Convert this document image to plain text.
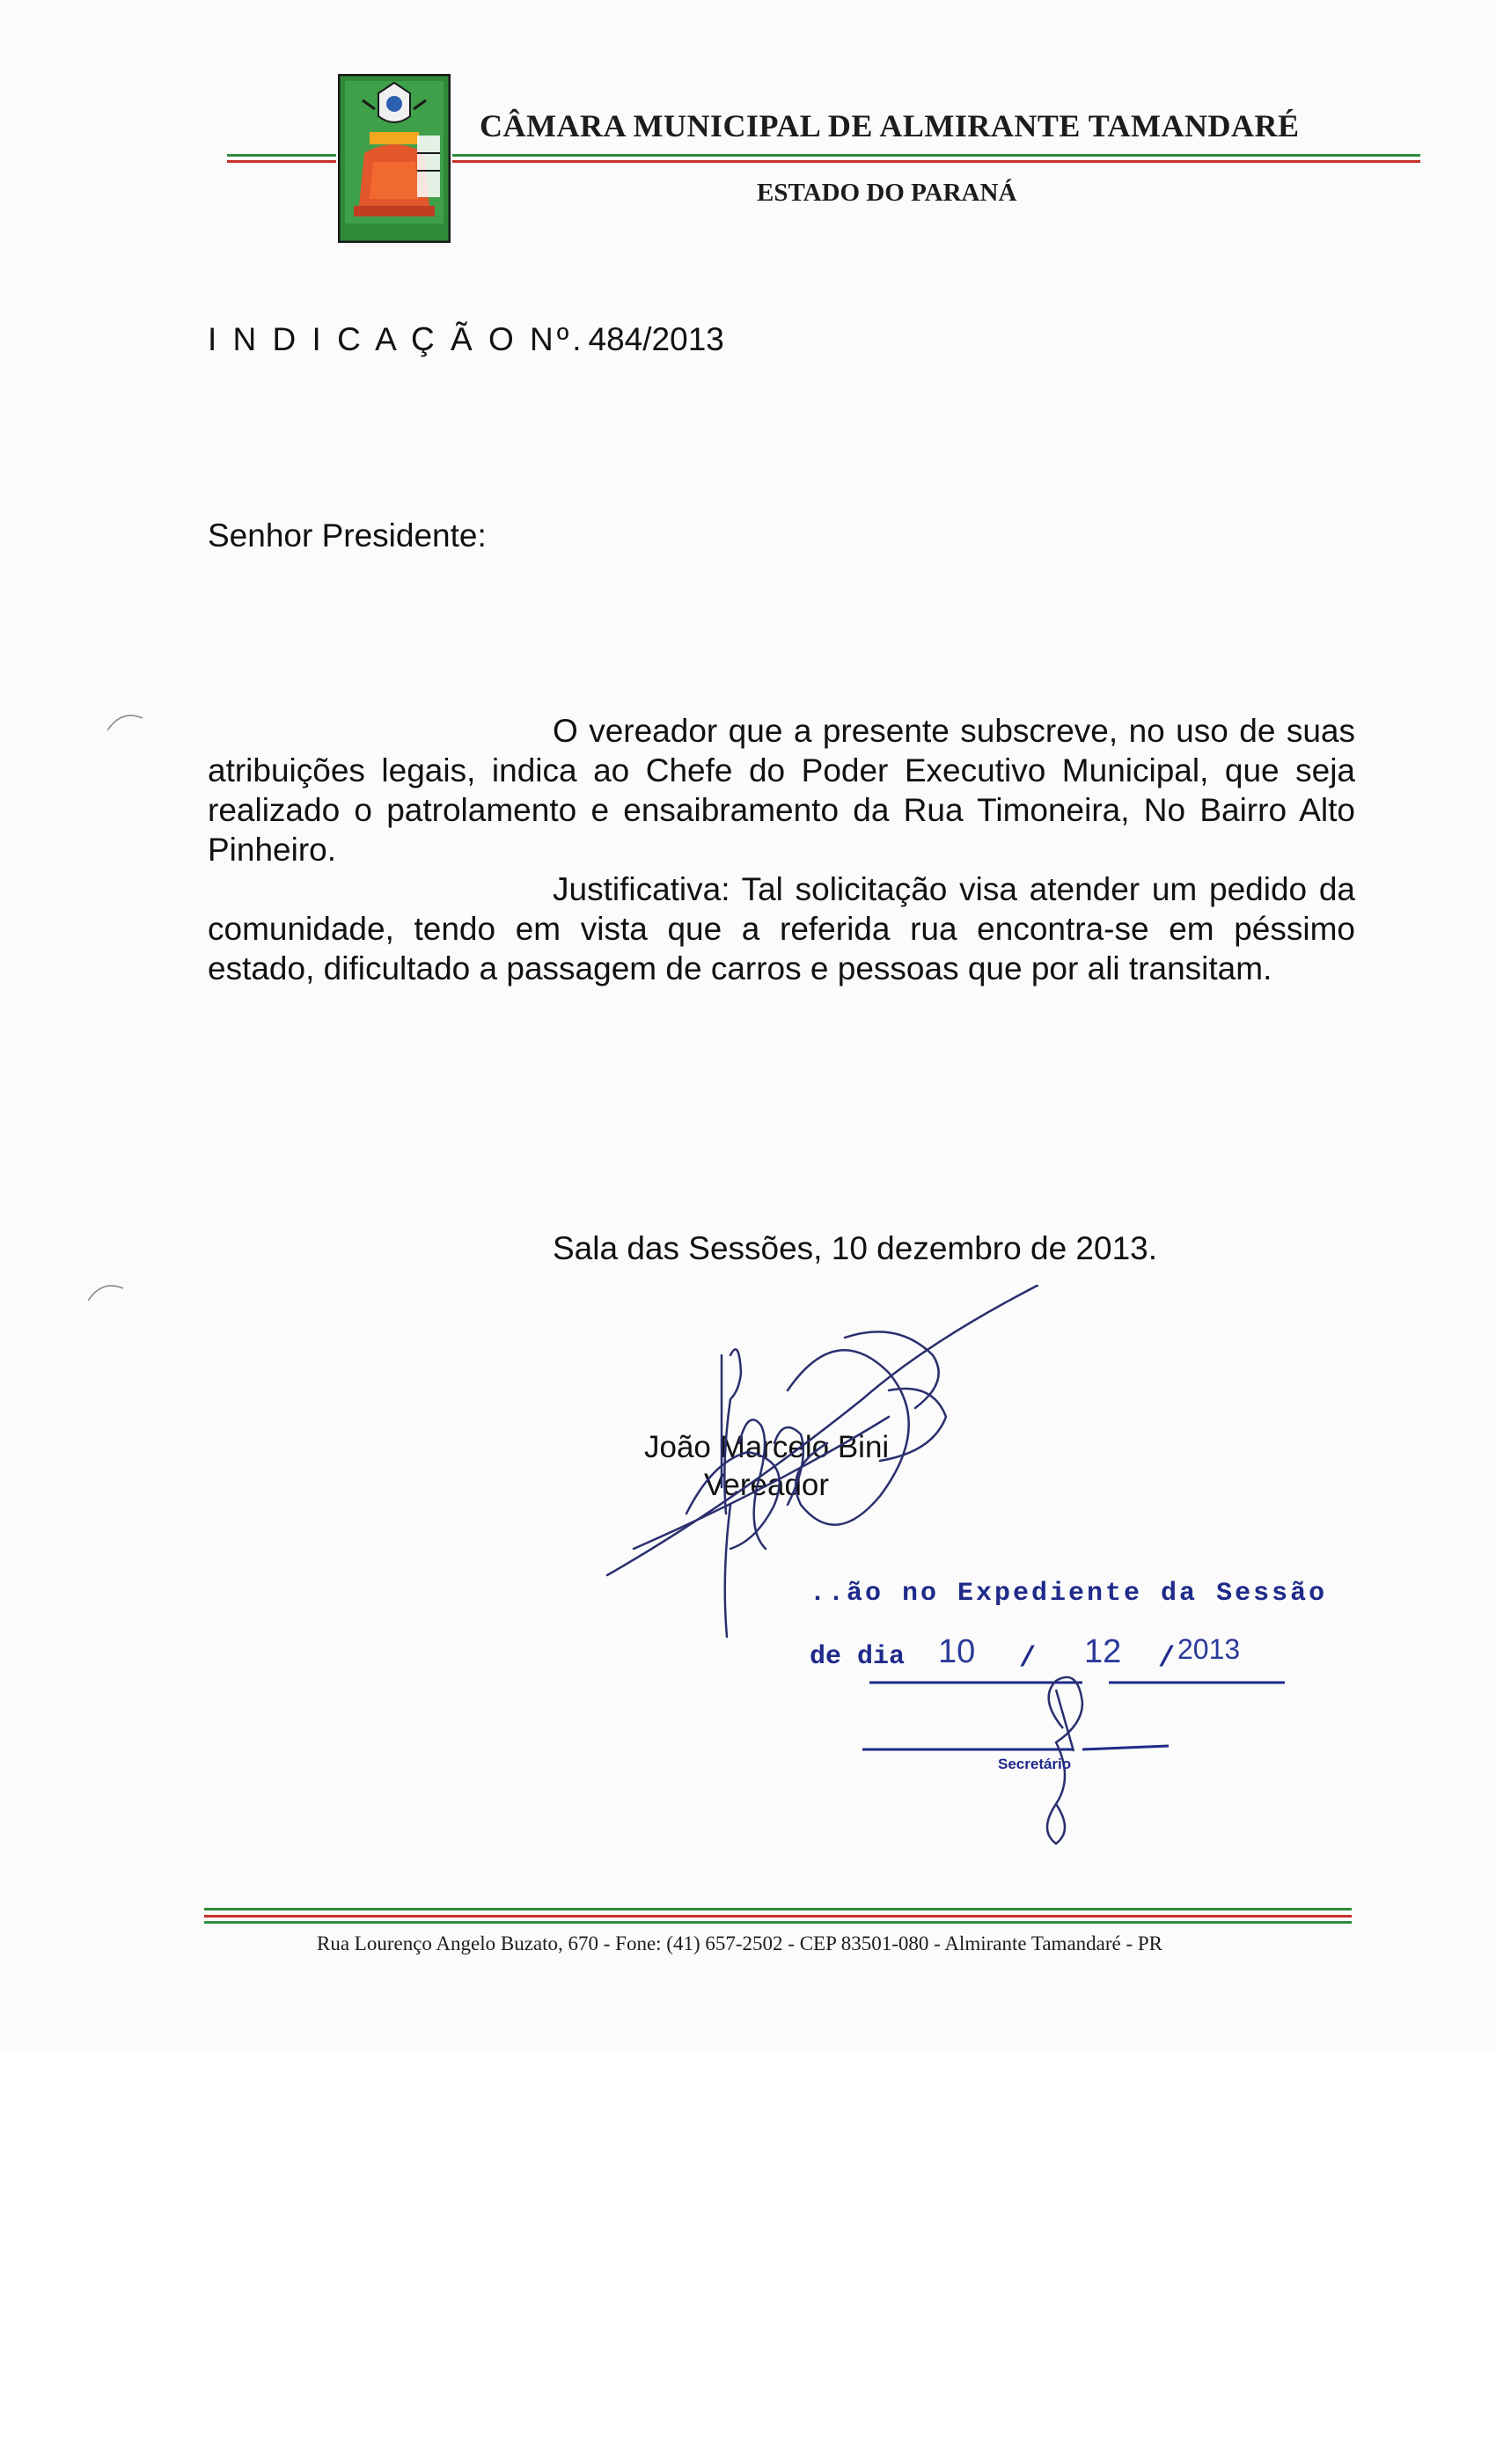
CÂMARA MUNICIPAL DE ALMIRANTE TAMANDARÉ
ESTADO DO PARANÁ
I N D I C A Ç Ã O Nº. 484/2013
Senhor Presidente:

O vereador que a presente subscreve, no uso de suas atribuições legais, indica ao Chefe do Poder Executivo Municipal, que seja realizado o patrolamento e ensaibramento da Rua Timoneira, No Bairro Alto Pinheiro.

Justificativa: Tal solicitação visa atender um pedido da comunidade, tendo em vista que a referida rua encontra-se em péssimo estado, dificultado a passagem de carros e pessoas que por ali transitam.

Sala das Sessões, 10 dezembro de 2013.
João Marcelo Bini
Vereador
..ão no Expediente da Sessão
de dia 10 / 12 / 2013
Secretário
Rua Lourenço Angelo Buzato, 670 - Fone: (41) 657-2502 - CEP 83501-080 - Almirante Tamandaré - PR
